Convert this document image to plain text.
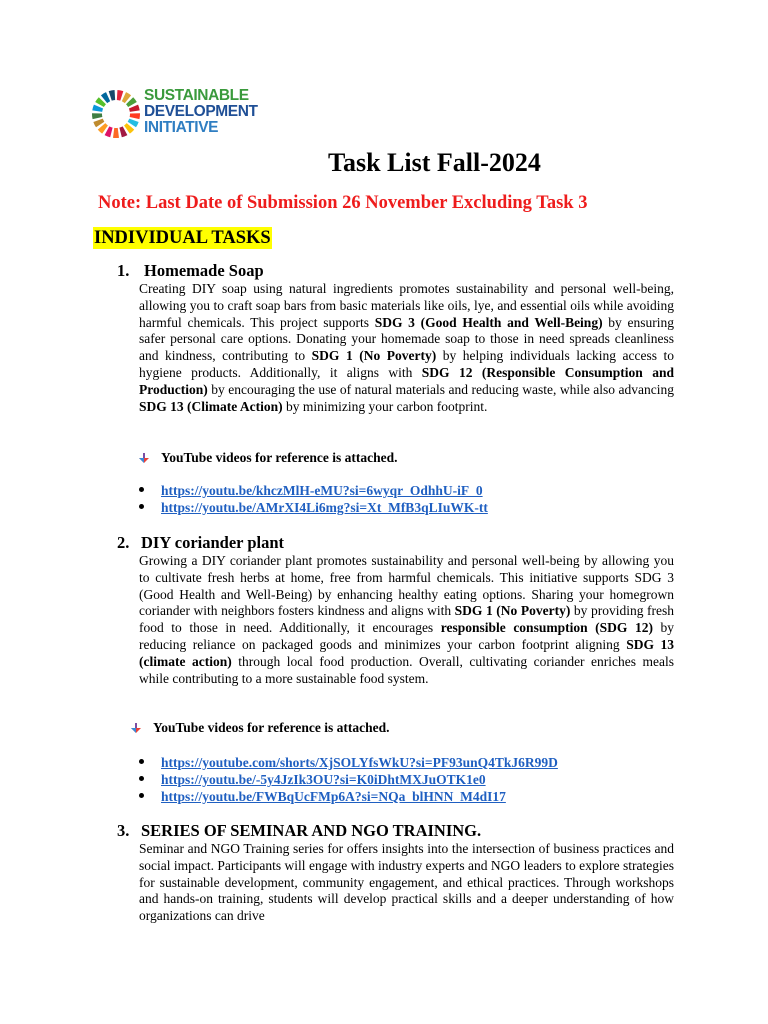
SUSTAINABLE
DEVELOPMENT
INITIATIVE
Task List Fall-2024
Note: Last Date of Submission 26 November Excluding Task 3
INDIVIDUAL TASKS
1. Homemade Soap
Creating DIY soap using natural ingredients promotes sustainability and personal well-being, allowing you to craft soap bars from basic materials like oils, lye, and essential oils while avoiding harmful chemicals. This project supports SDG 3 (Good Health and Well-Being) by ensuring safer personal care options. Donating your homemade soap to those in need spreads cleanliness and kindness, contributing to SDG 1 (No Poverty) by helping individuals lacking access to hygiene products. Additionally, it aligns with SDG 12 (Responsible Consumption and Production) by encouraging the use of natural materials and reducing waste, while also advancing SDG 13 (Climate Action) by minimizing your carbon footprint.
YouTube videos for reference is attached.
https://youtu.be/khczMlH-eMU?si=6wyqr_OdhhU-iF_0
https://youtu.be/AMrXI4Li6mg?si=Xt_MfB3qLIuWK-tt
2. DIY coriander plant
Growing a DIY coriander plant promotes sustainability and personal well-being by allowing you to cultivate fresh herbs at home, free from harmful chemicals. This initiative supports SDG 3 (Good Health and Well-Being) by enhancing healthy eating options. Sharing your homegrown coriander with neighbors fosters kindness and aligns with SDG 1 (No Poverty) by providing fresh food to those in need. Additionally, it encourages responsible consumption (SDG 12) by reducing reliance on packaged goods and minimizes your carbon footprint aligning SDG 13 (climate action) through local food production. Overall, cultivating coriander enriches meals while contributing to a more sustainable food system.
YouTube videos for reference is attached.
https://youtube.com/shorts/XjSOLYfsWkU?si=PF93unQ4TkJ6R99D
https://youtu.be/-5y4JzIk3OU?si=K0iDhtMXJuOTK1e0
https://youtu.be/FWBqUcFMp6A?si=NQa_blHNN_M4dI17
3. SERIES OF SEMINAR AND NGO TRAINING.
Seminar and NGO Training series for offers insights into the intersection of business practices and social impact. Participants will engage with industry experts and NGO leaders to explore strategies for sustainable development, community engagement, and ethical practices. Through workshops and hands-on training, students will develop practical skills and a deeper understanding of how organizations can drive
